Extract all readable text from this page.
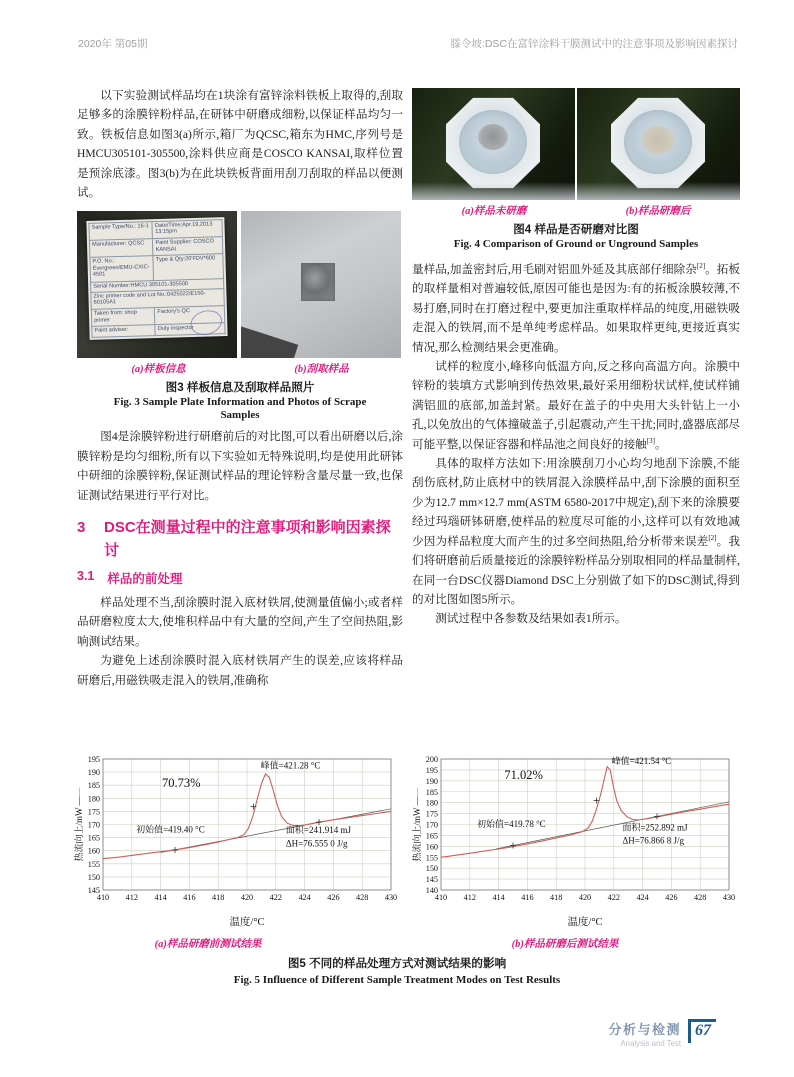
2020年 第05期	滕令坡:DSC在富锌涂料干膜测试中的注意事项及影响因素探讨

以下实验测试样品均在1块涂有富锌涂料铁板上取得的,刮取足够多的涂膜锌粉样品,在研钵中研磨成细粉,以保证样品均匀一致。铁板信息如图3(a)所示,箱厂为QCSC,箱东为HMC,序列号是HMCU305101-305500,涂料供应商是COSCO KANSAI,取样位置是预涂底漆。图3(b)为在此块铁板背面用刮刀刮取的样品以便测试。

Sample Type/No.: 16-1	Date/Time:Apr.19,2013 13:15pm
Manufacturer: QCSC	Paint Supplier: COSCO KANSAI
P.O. No.: Evergreen/EMU-CXIC-4501	Type & Qty:20'FDV*600
Serial Number:HMCU 305101-305500	
Zinc primer code and Lot No.:0425022/E150-60105A1	
Taken from: shop primer	Factory's QC
Paint adviser:	Duty inspector
(a)样板信息	(b)刮取样品
图3 样板信息及刮取样品照片
Fig. 3 Sample Plate Information and Photos of Scrape
Samples

图4是涂膜锌粉进行研磨前后的对比图,可以看出研磨以后,涂膜锌粉是均匀细粉,所有以下实验如无特殊说明,均是使用此研钵中研细的涂膜锌粉,保证测试样品的理论锌粉含量尽量一致,也保证测试结果进行平行对比。

3	DSC在测量过程中的注意事项和影响因素探讨
3.1 样品的前处理

样品处理不当,刮涂膜时混入底材铁屑,使测量值偏小;或者样品研磨粒度太大,使堆积样品中有大量的空间,产生了空间热阻,影响测试结果。

为避免上述刮涂膜时混入底材铁屑产生的误差,应该将样品研磨后,用磁铁吸走混入的铁屑,准确称

(a)样品未研磨	(b)样品研磨后
图4 样品是否研磨对比图
Fig. 4 Comparison of Ground or Unground Samples

量样品,加盖密封后,用毛刷对铝皿外延及其底部仔细除杂[2]。拓板的取样量相对普遍较低,原因可能也是因为:有的拓板涂膜较薄,不易打磨,同时在打磨过程中,要更加注重取样样品的纯度,用磁铁吸走混入的铁屑,而不是单纯考虑样品。如果取样更纯,更接近真实情况,那么检测结果会更准确。

试样的粒度小,峰移向低温方向,反之移向高温方向。涂膜中锌粉的装填方式影响到传热效果,最好采用细粉状试样,使试样铺满铝皿的底部,加盖封紧。最好在盖子的中央用大头针钻上一小孔,以免放出的气体撞破盖子,引起震动,产生干扰;同时,盛器底部尽可能平整,以保证容器和样品池之间良好的接触[3]。

具体的取样方法如下:用涂膜刮刀小心均匀地刮下涂膜,不能刮伤底材,防止底材中的铁屑混入涂膜样品中,刮下涂膜的面积至少为12.7 mm×12.7 mm(ASTM 6580-2017中规定),刮下来的涂膜要经过玛瑙研钵研磨,使样品的粒度尽可能的小,这样可以有效地减少因为样品粒度大而产生的过多空间热阻,给分析带来误差[2]。我们将研磨前后质量接近的涂膜锌粉样品分别取相同的样品量制样,在同一台DSC仪器Diamond DSC上分别做了如下的DSC测试,得到的对比图如图5所示。

测试过程中各参数及结果如表1所示。

410 412 414 416 418 420 422 424 426 428 430
145
150
155
160
165
170
175
180
185
190
195
70.73%
峰值=421.28 °C
初始值=419.40 °C	面积=241.914 mJ
ΔH=76.555 0 J/g
温度/°C
热流向上/mW ——
410 412 414 416 418 420 422 424 426 428 430
140
145
150
155
160
165
170
175
180
185
190
195
200
71.02%
峰值=421.54 °C
初始值=419.78 °C	面积=252.892 mJ
ΔH=76.866 8 J/g
温度/°C
热流向上/mW ——
(a)样品研磨前测试结果	(b)样品研磨后测试结果
图5 不同的样品处理方式对测试结果的影响
Fig. 5 Influence of Different Sample Treatment Modes on Test Results
分析与检测
Analysis and Test
67
